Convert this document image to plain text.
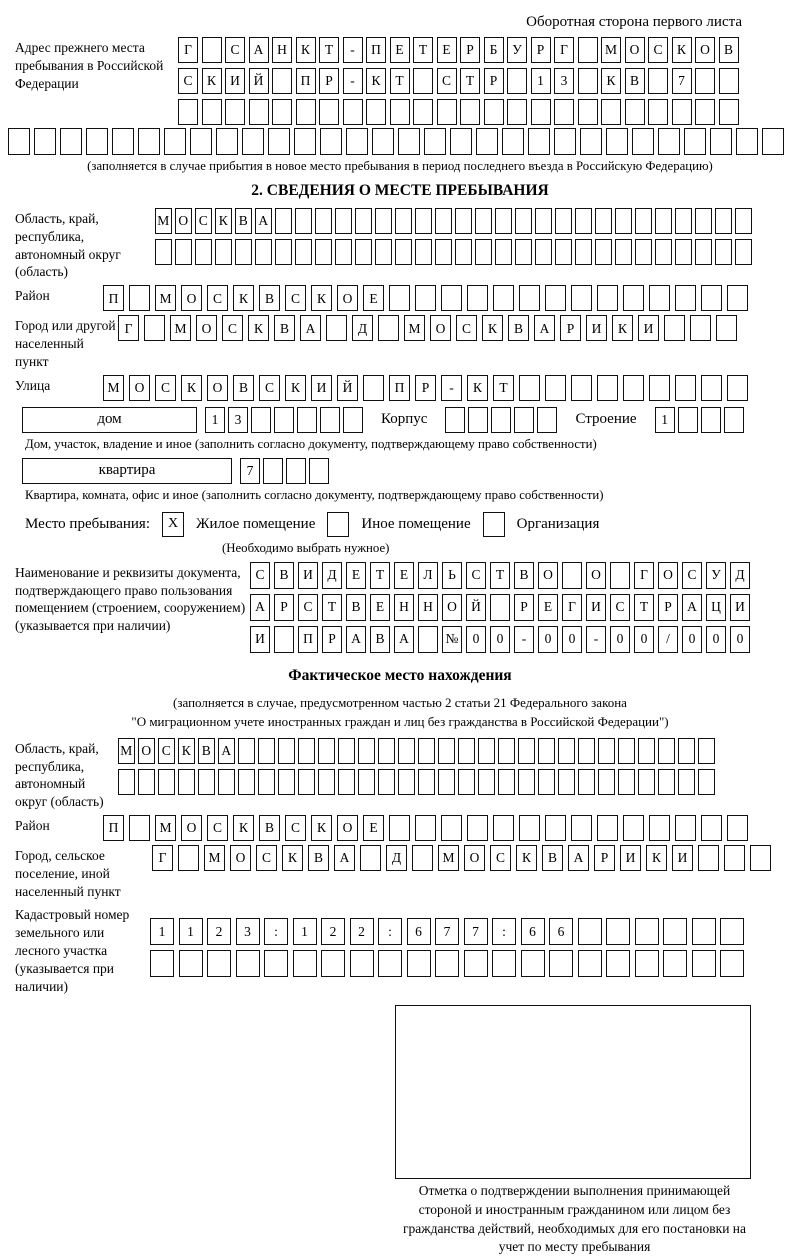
Оборотная сторона первого листа
Адрес прежнего места пребывания в Российской Федерации
Г	С	А	Н	К	Т	-	П	Е	Т	Е	Р	Б	У	Р	Г	М О	С	К	О	В
С	К	И	Й	П	Р	-	К	Т	С	Т	Р	1	3	К	В	7
(заполняется в случае прибытия в новое место пребывания в период последнего въезда в Российскую Федерацию)
2. СВЕДЕНИЯ О МЕСТЕ ПРЕБЫВАНИЯ
Область, край, республика, автономный округ (область)
М О С К В А
Район	П	М	О	С	К	В	С	К	О	Е
Город или другой населенный пункт
Г	М	О	С	К	В	А	Д	М	О	С	К	В	А	Р	И	К	И
Улица	М	О	С	К	О	В	С	К	И	Й	П	Р	-	К	Т
дом	1	3	Корпус	Строение	1
Дом, участок, владение и иное (заполнить согласно документу, подтверждающему право собственности)
квартира	7
Квартира, комната, офис и иное (заполнить согласно документу, подтверждающему право собственности)
Место пребывания:	X	Жилое помещение	Иное помещение	Организация
(Необходимо выбрать нужное)
Наименование и реквизиты документа, подтверждающего право пользования помещением (строением, сооружением) (указывается при наличии)
С	В	И	Д	Е	Т	Е	Л	Ь	С	Т	В	О	О	Г	О	С	У	Д
А	Р	С	Т	В	Е	Н	Н	О	Й	Р	Е	Г	И	С	Т	Р	А	Ц	И
И	П	Р	А	В	А	№	0	0	-	0	0	-	0	0	/	0	0	0
Фактическое место нахождения
(заполняется в случае, предусмотренном частью 2 статьи 21 Федерального закона
"О миграционном учете иностранных граждан и лиц без гражданства в Российской Федерации")
Область, край, республика, автономный округ (область)
М О С К В А
Район	П	М	О	С	К	В	С	К	О	Е
Город, сельское поселение, иной населенный пункт
Г	М	О	С	К	В	А	Д	М	О	С	К	В	А	Р	И	К	И
Кадастровый номер земельного или лесного участка (указывается при наличии)
1	1	2	3	:	1	2	2	:	6	7	7	:	6	6
Отметка о подтверждении выполнения принимающей стороной и иностранным гражданином или лицом без гражданства действий, необходимых для его постановки на учет по месту пребывания
